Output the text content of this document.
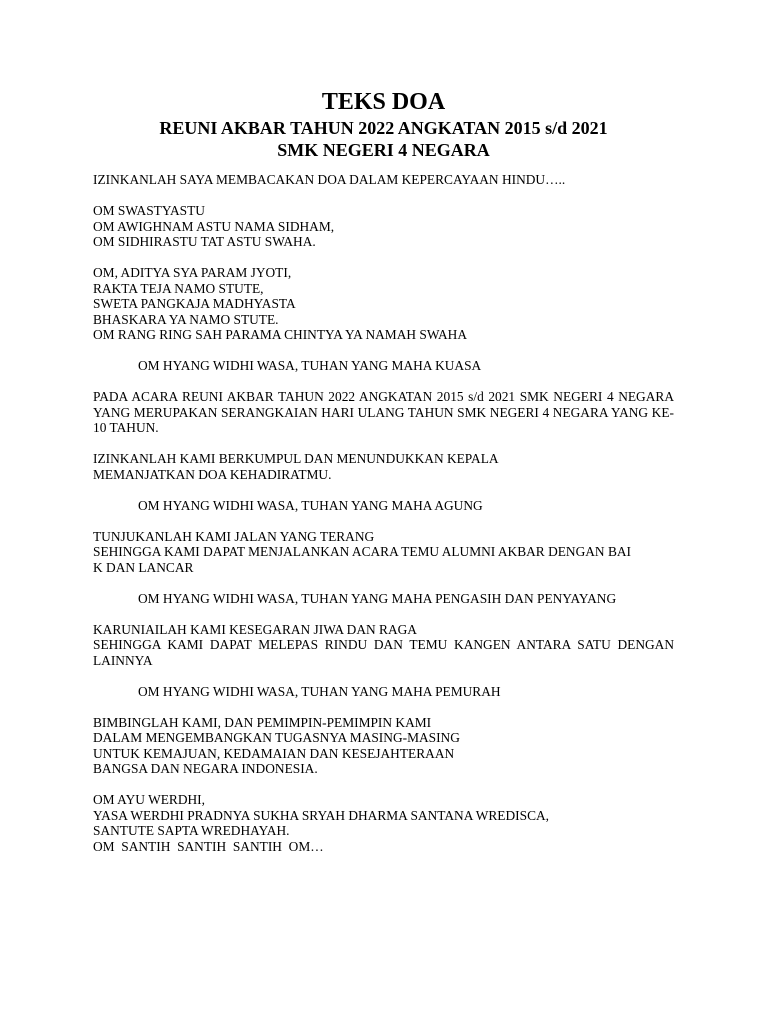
TEKS DOA
REUNI AKBAR TAHUN 2022 ANGKATAN 2015 s/d 2021
SMK NEGERI 4 NEGARA

IZINKANLAH SAYA MEMBACAKAN DOA DALAM KEPERCAYAAN HINDU…..

OM SWASTYASTU
OM AWIGHNAM ASTU NAMA SIDHAM,
OM SIDHIRASTU TAT ASTU SWAHA.

OM, ADITYA SYA PARAM JYOTI,
RAKTA TEJA NAMO STUTE,
SWETA PANGKAJA MADHYASTA
BHASKARA YA NAMO STUTE.
OM RANG RING SAH PARAMA CHINTYA YA NAMAH SWAHA

OM HYANG WIDHI WASA, TUHAN YANG MAHA KUASA

PADA ACARA REUNI AKBAR TAHUN 2022 ANGKATAN 2015 s/d 2021 SMK NEGERI 4 NEGARA YANG MERUPAKAN SERANGKAIAN HARI ULANG TAHUN SMK NEGERI 4 NEGARA YANG KE-10 TAHUN.

IZINKANLAH KAMI BERKUMPUL DAN MENUNDUKKAN KEPALA
MEMANJATKAN DOA KEHADIRATMU.

OM HYANG WIDHI WASA, TUHAN YANG MAHA AGUNG

TUNJUKANLAH KAMI JALAN YANG TERANG
SEHINGGA KAMI DAPAT MENJALANKAN ACARA TEMU ALUMNI AKBAR DENGAN BAI
K DAN LANCAR

OM HYANG WIDHI WASA, TUHAN YANG MAHA PENGASIH DAN PENYAYANG

KARUNIAILAH KAMI KESEGARAN JIWA DAN RAGA
SEHINGGA KAMI DAPAT MELEPAS RINDU DAN TEMU KANGEN ANTARA SATU DENGAN LAINNYA

OM HYANG WIDHI WASA, TUHAN YANG MAHA PEMURAH

BIMBINGLAH KAMI, DAN PEMIMPIN-PEMIMPIN KAMI
DALAM MENGEMBANGKAN TUGASNYA MASING-MASING
UNTUK KEMAJUAN, KEDAMAIAN DAN KESEJAHTERAAN
BANGSA DAN NEGARA INDONESIA.

OM AYU WERDHI,
YASA WERDHI PRADNYA SUKHA SRYAH DHARMA SANTANA WREDISCA,
SANTUTE SAPTA WREDHAYAH.
OM  SANTIH  SANTIH  SANTIH  OM…
